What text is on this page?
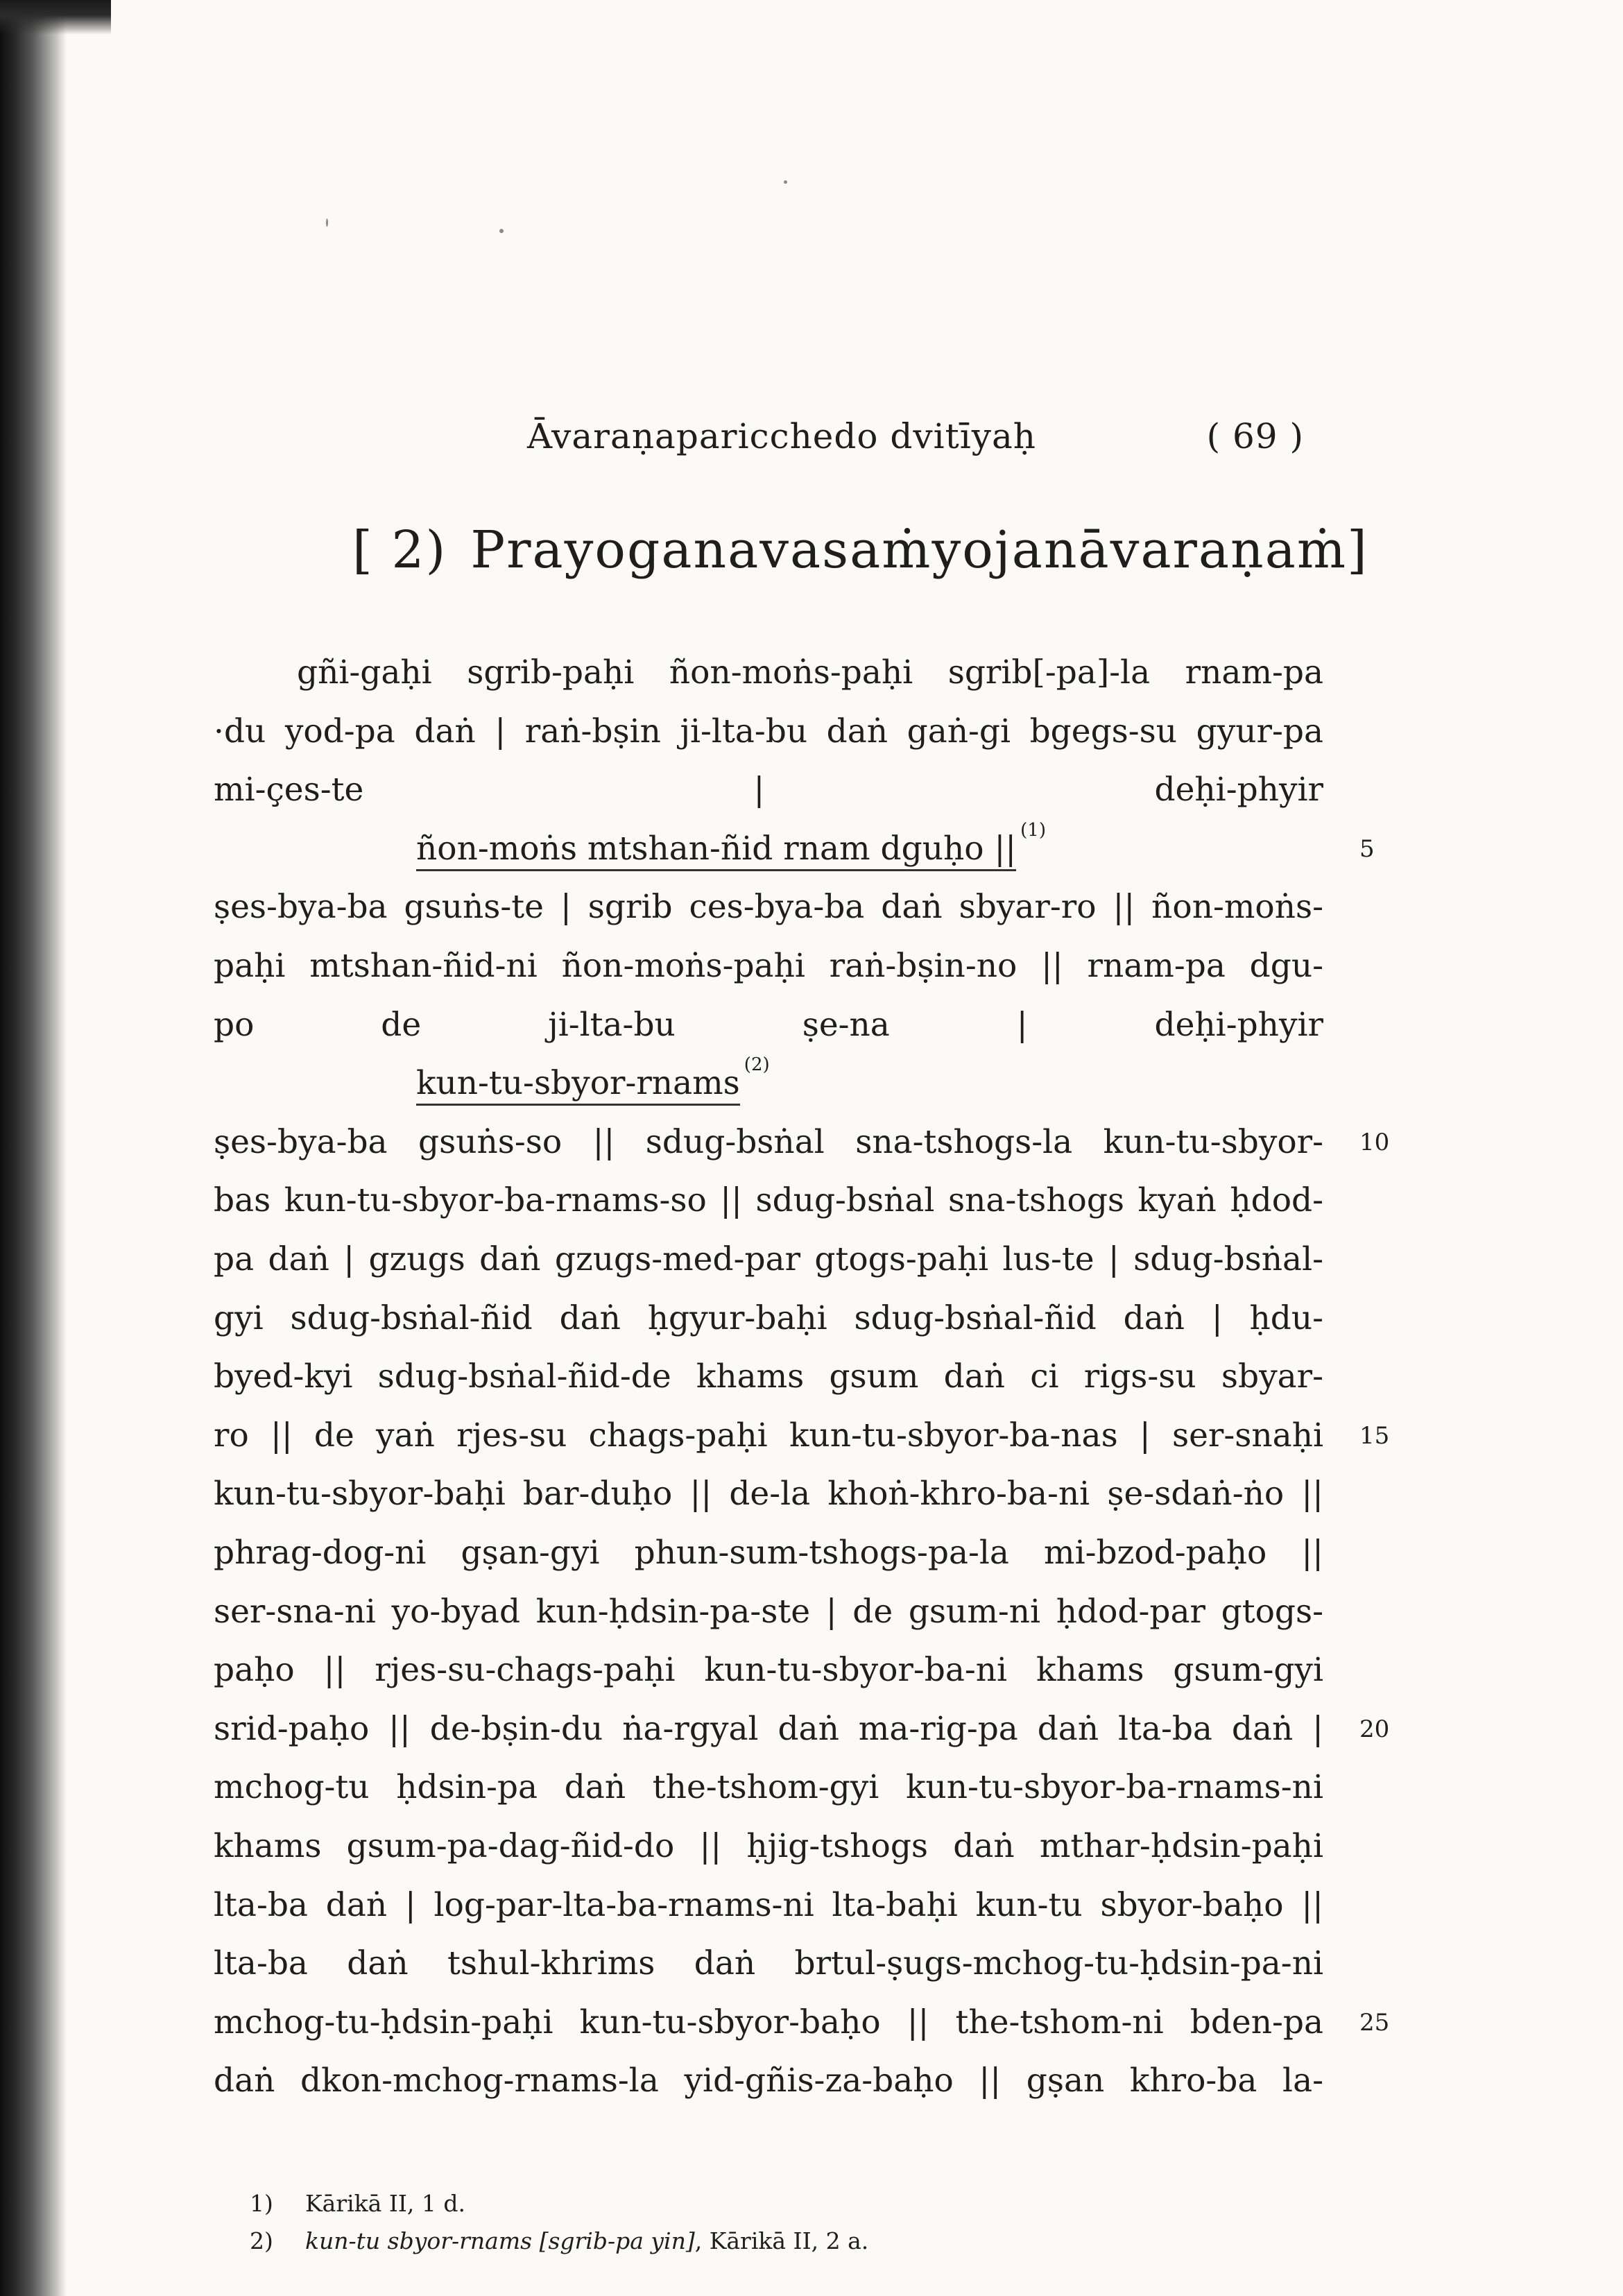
Āvaraṇaparicchedo dvitīyaḥ	( 69 )
[ 2) Prayoganavasaṁyojanāvaraṇaṁ]
gñi-gaḥi sgrib-paḥi ñon-moṅs-paḥi sgrib[-pa]-la rnam-pa
·du yod-pa daṅ | raṅ-bṣin ji-lta-bu daṅ gaṅ-gi bgegs-su gyur-pa
mi-çes-te | deḥi-phyir
ñon-moṅs mtshan-ñid rnam dguḥo || $^{(1)}$
5
ṣes-bya-ba gsuṅs-te | sgrib ces-bya-ba daṅ sbyar-ro || ñon-moṅs-
paḥi mtshan-ñid-ni ñon-moṅs-paḥi raṅ-bṣin-no || rnam-pa dgu-
po de ji-lta-bu ṣe-na | deḥi-phyir
kun-tu-sbyor-rnams $^{(2)}$
ṣes-bya-ba gsuṅs-so || sdug-bsṅal sna-tshogs-la kun-tu-sbyor- 10
bas kun-tu-sbyor-ba-rnams-so || sdug-bsṅal sna-tshogs kyaṅ ḥdod-
pa daṅ | gzugs daṅ gzugs-med-par gtogs-paḥi lus-te | sdug-bsṅal-
gyi sdug-bsṅal-ñid daṅ ḥgyur-baḥi sdug-bsṅal-ñid daṅ | ḥdu-
byed-kyi sdug-bsṅal-ñid-de khams gsum daṅ ci rigs-su sbyar-
ro || de yaṅ rjes-su chags-paḥi kun-tu-sbyor-ba-nas | ser-snaḥi 15
kun-tu-sbyor-baḥi bar-duḥo || de-la khoṅ-khro-ba-ni ṣe-sdaṅ-ṅo ||
phrag-dog-ni gṣan-gyi phun-sum-tshogs-pa-la mi-bzod-paḥo ||
ser-sna-ni yo-byad kun-ḥdsin-pa-ste | de gsum-ni ḥdod-par gtogs-
paḥo || rjes-su-chags-paḥi kun-tu-sbyor-ba-ni khams gsum-gyi
srid-paḥo || de-bṣin-du ṅa-rgyal daṅ ma-rig-pa daṅ lta-ba daṅ | 20
mchog-tu ḥdsin-pa daṅ the-tshom-gyi kun-tu-sbyor-ba-rnams-ni
khams gsum-pa-dag-ñid-do || ḥjig-tshogs daṅ mthar-ḥdsin-paḥi
lta-ba daṅ | log-par-lta-ba-rnams-ni lta-baḥi kun-tu sbyor-baḥo ||
lta-ba daṅ tshul-khrims daṅ brtul-ṣugs-mchog-tu-ḥdsin-pa-ni
mchog-tu-ḥdsin-paḥi kun-tu-sbyor-baḥo || the-tshom-ni bden-pa 25
daṅ dkon-mchog-rnams-la yid-gñis-za-baḥo || gṣan khro-ba la-
1) Kārikā II, 1 d.
2) kun-tu sbyor-rnams [sgrib-pa yin], Kārikā II, 2 a.
